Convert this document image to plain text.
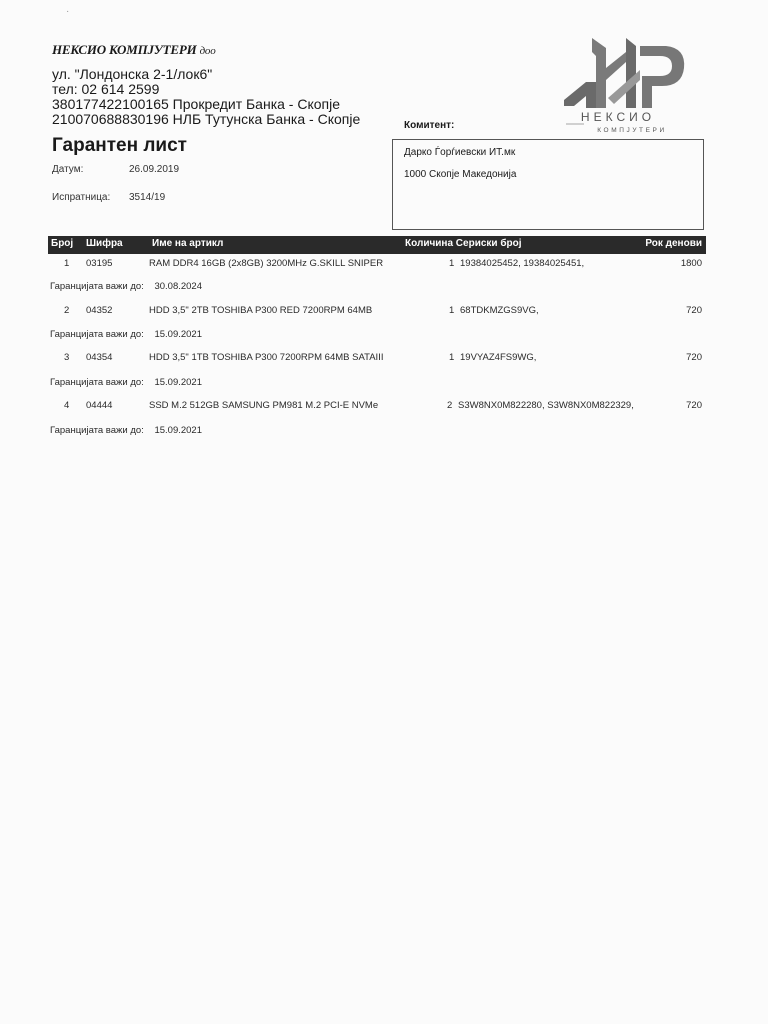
·
НЕКСИО КОМПЈУТЕРИ доо
ул. "Лондонска 2-1/лок6"
тел: 02 614 2599
380177422100165 Прокредит Банка - Скопје
210070688830196 НЛБ Тутунска Банка - Скопје	НЕКСИО
КОМПЈУТЕРИ
Гарантен лист
Датум:	26.09.2019
Испратница: 3514/19
Комитент:
Дарко Ѓорѓиевски ИТ.мк
1000 Скопје Македонија
Број Шифра	Име на артикл	Количина Сериски број	Рок денови
1 03195	RAM DDR4 16GB (2x8GB) 3200MHz G.SKILL SNIPER	1 19384025452, 19384025451,	1800
Гаранцијата важи до: 30.08.2024
2 04352	HDD 3,5" 2TB TOSHIBA P300 RED 7200RPM 64MB	1 68TDKMZGS9VG,	720
Гаранцијата важи до: 15.09.2021
3 04354	HDD 3,5" 1TB TOSHIBA P300 7200RPM 64MB SATAIII	1 19VYAZ4FS9WG,	720
Гаранцијата важи до: 15.09.2021
4 04444	SSD M.2 512GB SAMSUNG PM981 M.2 PCI-E NVMe	2 S3W8NX0M822280, S3W8NX0M822329,	720
Гаранцијата важи до: 15.09.2021
